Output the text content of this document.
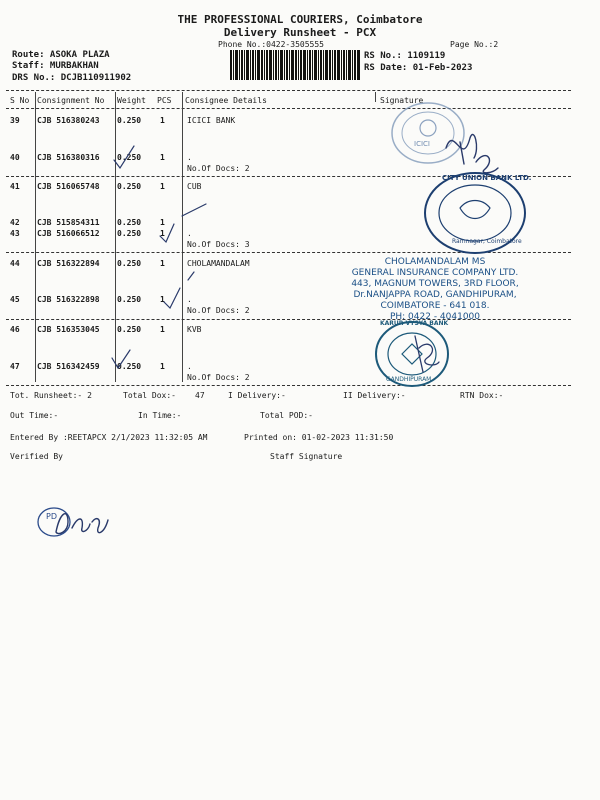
THE PROFESSIONAL COURIERS, Coimbatore
Delivery Runsheet - PCX
Phone No.:0422-3505555	Page No.:2
Route: ASOKA PLAZA
Staff: MURBAKHAN
DRS No.: DCJB110911902
RS No.: 1109119
RS Date: 01-Feb-2023
S No Consignment No Weight PCS Consignee Details	Signature
39 CJB 516380243 0.250 1	ICICI BANK
40 CJB 516380316 0.250 1	.
No.Of Docs: 2
41 CJB 516065748 0.250 1	CUB
42 CJB 515854311 0.250 1
43 CJB 516066512 0.250 1	.
No.Of Docs: 3
44 CJB 516322894 0.250 1	CHOLAMANDALAM
45 CJB 516322898 0.250 1	.
No.Of Docs: 2
46 CJB 516353045 0.250 1	KVB
47 CJB 516342459 0.250 1	.
No.Of Docs: 2
Tot. Runsheet:- 2	Total Dox:- 47	I Delivery:-	II Delivery:-	RTN Dox:-
Out Time:-	In Time:-	Total POD:-
Entered By :REETAPCX 2/1/2023 11:32:05 AM	Printed on: 01-02-2023 11:31:50
Verified By	Staff Signature
ICICI
CITY UNION BANK LTD.
Ramnagar, Coimbatore
CHOLAMANDALAM MS
GENERAL INSURANCE COMPANY LTD.
443, MAGNUM TOWERS, 3RD FLOOR,
Dr.NANJAPPA ROAD, GANDHIPURAM,
COIMBATORE - 641 018.
PH: 0422 - 4041000
KARUR VYSYA BANK
GANDHIPURAM
PD
